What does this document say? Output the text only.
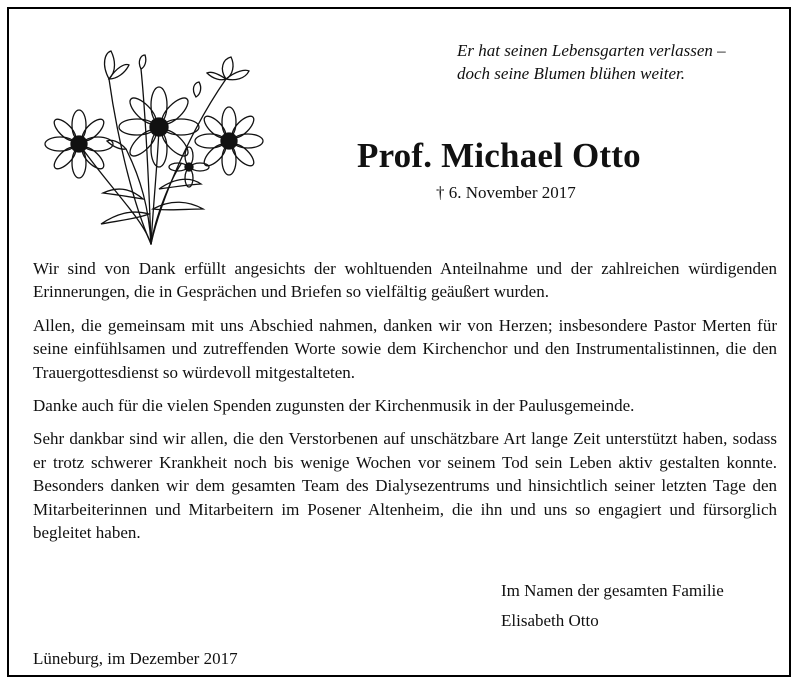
Er hat seinen Lebensgarten verlassen –
doch seine Blumen blühen weiter.
Prof. Michael Otto
† 6. November 2017

Wir sind von Dank erfüllt angesichts der wohltuenden Anteilnahme und der zahlreichen würdigenden Erinnerungen, die in Gesprächen und Briefen so vielfältig geäußert wurden.

Allen, die gemeinsam mit uns Abschied nahmen, danken wir von Herzen; insbesondere Pastor Merten für seine einfühlsamen und zutreffenden Worte sowie dem Kirchenchor und den Instrumentalistinnen, die den Trauergottesdienst so würdevoll mitgestalteten.

Danke auch für die vielen Spenden zugunsten der Kirchenmusik in der Paulusgemeinde.

Sehr dankbar sind wir allen, die den Verstorbenen auf unschätzbare Art lange Zeit unterstützt haben, sodass er trotz schwerer Krankheit noch bis wenige Wochen vor seinem Tod sein Leben aktiv gestalten konnte. Besonders danken wir dem gesamten Team des Dialysezentrums und hinsichtlich seiner letzten Tage den Mitarbeiterinnen und Mitarbeitern im Posener Altenheim, die ihn und uns so engagiert und fürsorglich begleitet haben.

Im Namen der gesamten Familie
Elisabeth Otto
Lüneburg, im Dezember 2017
